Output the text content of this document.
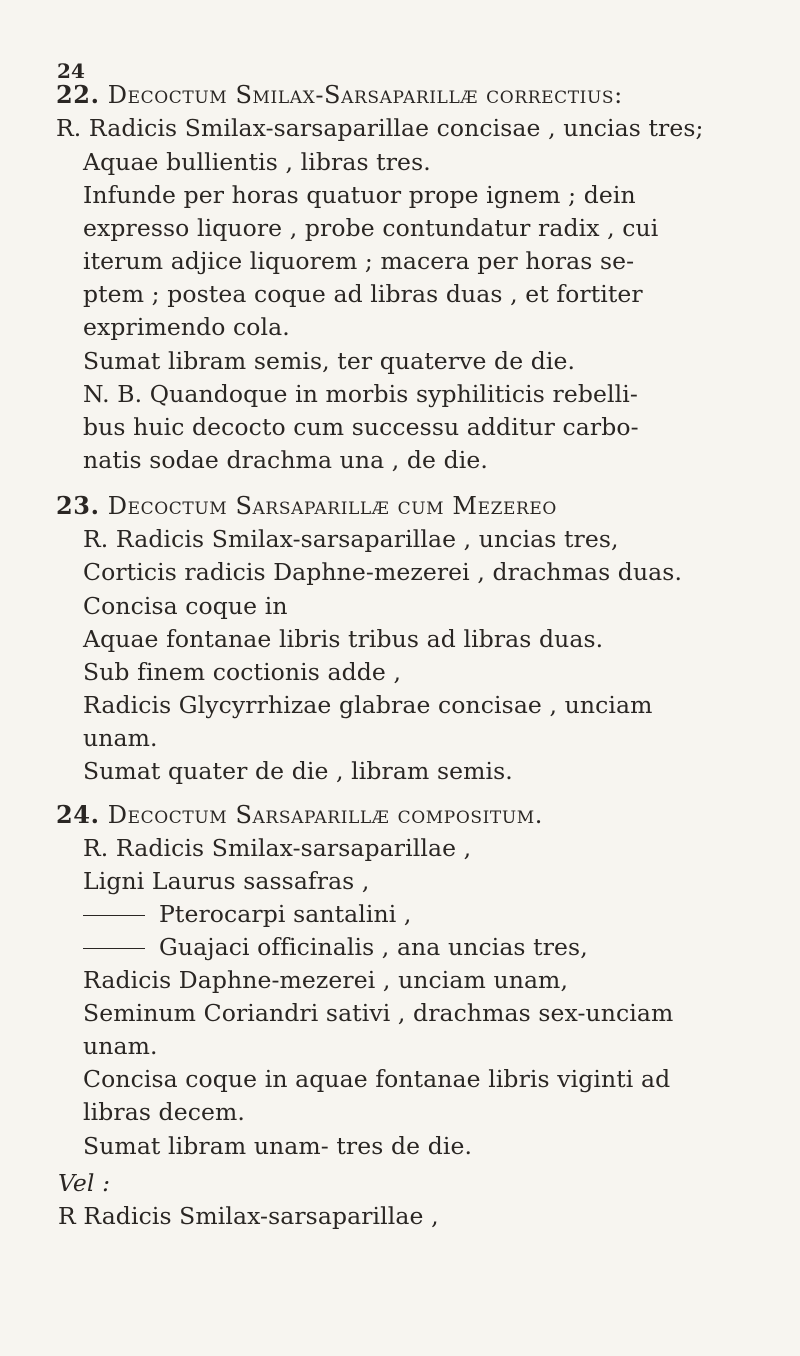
24
22. Decoctum Smilax-Sarsaparillæ correctius:
R. Radicis Smilax-sarsaparillae concisae , uncias tres;
Aquae bullientis , libras tres.
Infunde per horas quatuor prope ignem ; dein
expresso liquore , probe contundatur radix , cui
iterum adjice liquorem ; macera per horas se-
ptem ; postea coque ad libras duas , et fortiter
exprimendo cola.
Sumat libram semis, ter quaterve de die.
N. B. Quandoque in morbis syphiliticis rebelli-
bus huic decocto cum successu additur carbo-
natis sodae drachma una , de die.
23. Decoctum Sarsaparillæ cum Mezereo
R. Radicis Smilax-sarsaparillae , uncias tres,
Corticis radicis Daphne-mezerei , drachmas duas.
Concisa coque in
Aquae fontanae libris tribus ad libras duas.
Sub finem coctionis adde ,
Radicis Glycyrrhizae glabrae concisae , unciam
unam.
Sumat quater de die , libram semis.
24. Decoctum Sarsaparillæ compositum.
R. Radicis Smilax-sarsaparillae ,
Ligni Laurus sassafras ,
Pterocarpi santalini ,
Guajaci officinalis , ana uncias tres,
Radicis Daphne-mezerei , unciam unam,
Seminum Coriandri sativi , drachmas sex-unciam
unam.
Concisa coque in aquae fontanae libris viginti ad
libras decem.
Sumat libram unam- tres de die.
Vel :
R Radicis Smilax-sarsaparillae ,
